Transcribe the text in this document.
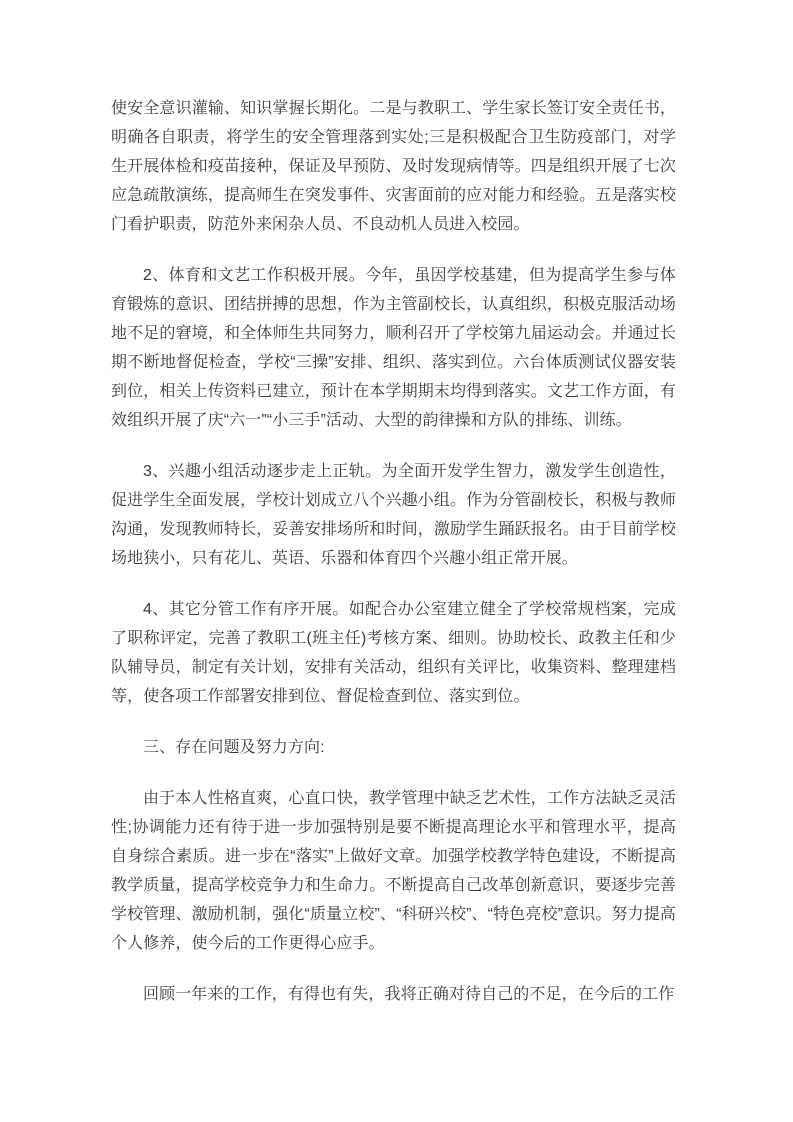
使安全意识灌输、知识掌握长期化。二是与教职工、学生家长签订安全责任书，明确各自职责，将学生的安全管理落到实处;三是积极配合卫生防疫部门，对学生开展体检和疫苗接种，保证及早预防、及时发现病情等。四是组织开展了七次应急疏散演练，提高师生在突发事件、灾害面前的应对能力和经验。五是落实校门看护职责，防范外来闲杂人员、不良动机人员进入校园。

2、体育和文艺工作积极开展。今年，虽因学校基建，但为提高学生参与体育锻炼的意识、团结拼搏的思想，作为主管副校长，认真组织，积极克服活动场地不足的窘境，和全体师生共同努力，顺利召开了学校第九届运动会。并通过长期不断地督促检查，学校“三操”安排、组织、落实到位。六台体质测试仪器安装到位，相关上传资料已建立，预计在本学期期末均得到落实。文艺工作方面，有效组织开展了庆“六一”“小三手”活动、大型的韵律操和方队的排练、训练。

3、兴趣小组活动逐步走上正轨。为全面开发学生智力，激发学生创造性，促进学生全面发展，学校计划成立八个兴趣小组。作为分管副校长，积极与教师沟通，发现教师特长，妥善安排场所和时间，激励学生踊跃报名。由于目前学校场地狭小，只有花儿、英语、乐器和体育四个兴趣小组正常开展。

4、其它分管工作有序开展。如配合办公室建立健全了学校常规档案，完成了职称评定，完善了教职工(班主任)考核方案、细则。协助校长、政教主任和少队辅导员，制定有关计划，安排有关活动，组织有关评比，收集资料、整理建档等，使各项工作部署安排到位、督促检查到位、落实到位。

三、存在问题及努力方向:

由于本人性格直爽，心直口快，教学管理中缺乏艺术性，工作方法缺乏灵活性;协调能力还有待于进一步加强特别是要不断提高理论水平和管理水平，提高自身综合素质。进一步在“落实”上做好文章。加强学校教学特色建设，不断提高教学质量，提高学校竞争力和生命力。不断提高自己改革创新意识，要逐步完善学校管理、激励机制，强化“质量立校”、“科研兴校”、“特色亮校”意识。努力提高个人修养，使今后的工作更得心应手。

回顾一年来的工作，有得也有失，我将正确对待自己的不足，在今后的工作
